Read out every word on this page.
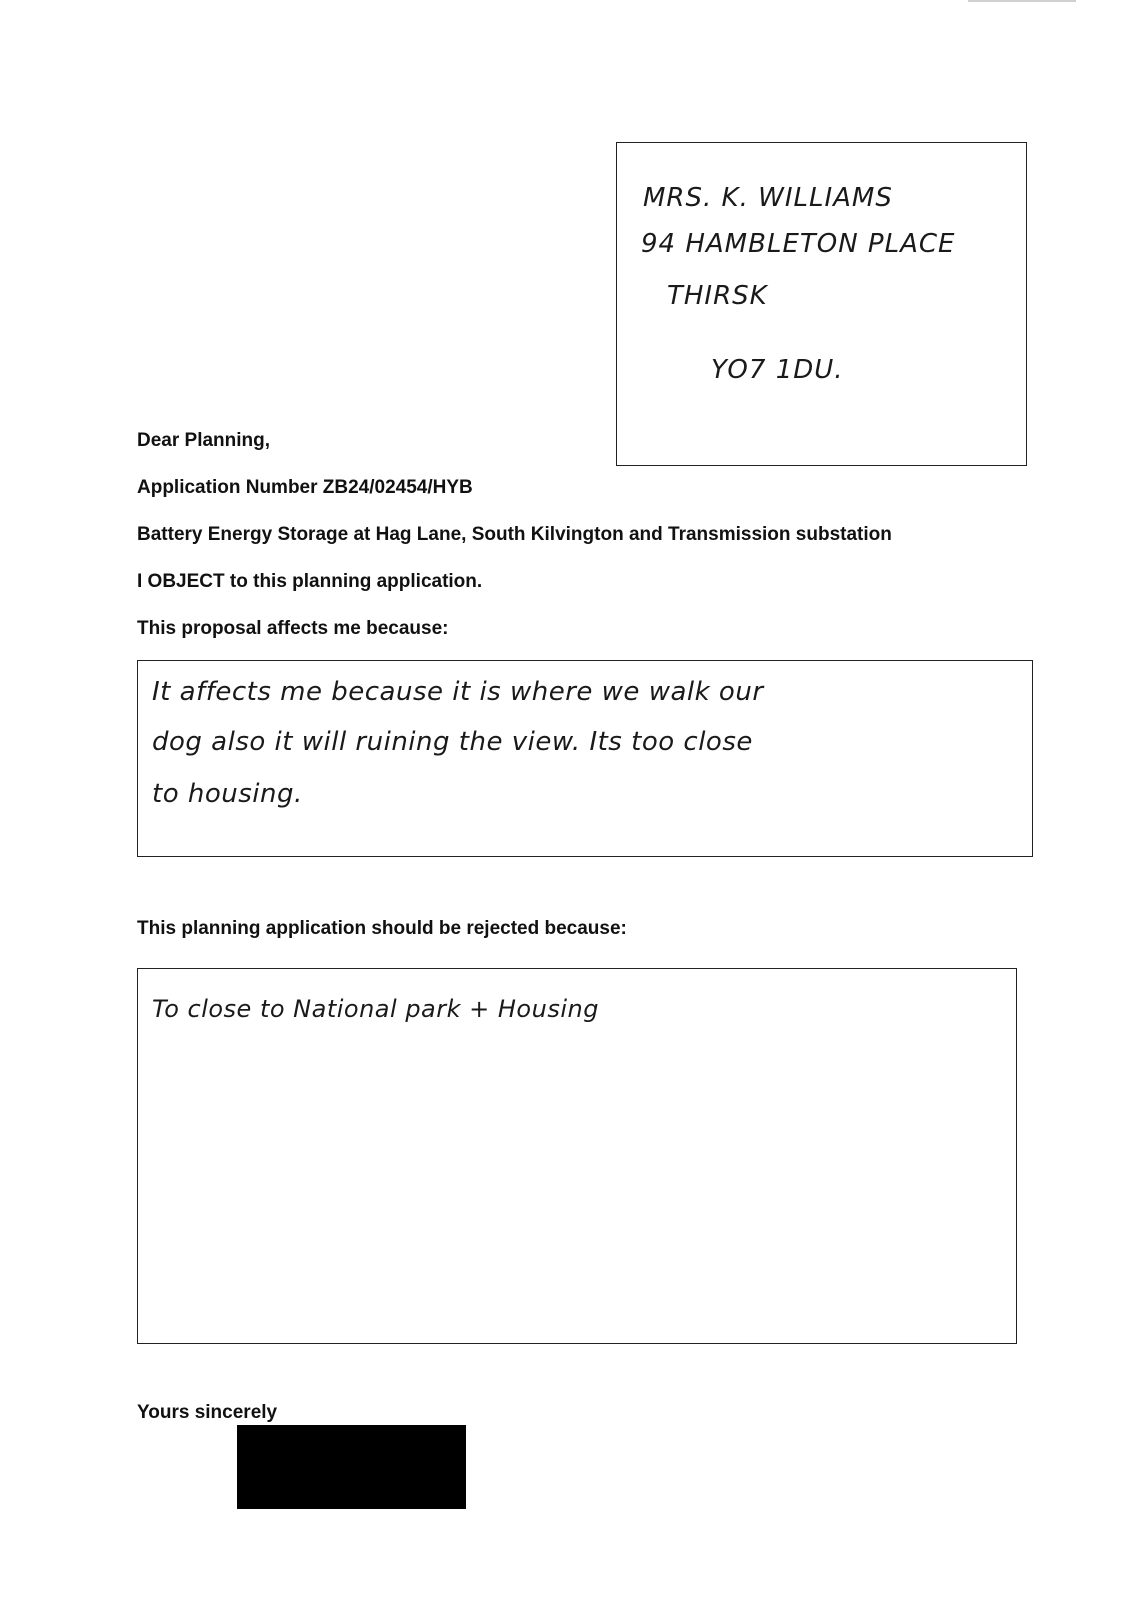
MRS. K. WILLIAMS
94 HAMBLETON PLACE
THIRSK
YO7 1DU.
Dear Planning,
Application Number ZB24/02454/HYB
Battery Energy Storage at Hag Lane, South Kilvington and Transmission substation
I OBJECT to this planning application.
This proposal affects me because:
It affects me because it is where we walk our
dog also it will ruining the view. Its too close
to housing.
This planning application should be rejected because:
To close to National park + Housing
Yours sincerely
